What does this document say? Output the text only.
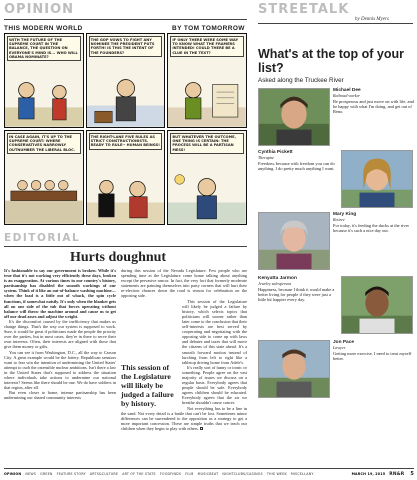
OPINION	STREETALK
by Dennis Myers
THIS MODERN WORLD	BY TOM TOMORROW
WITH THE FUTURE OF THE SUPREME COURT IN THE BALANCE, THE QUESTION ON EVERYONE'S MIND IS... WHO WILL OBAMA NOMINATE?
THE GOP VOWS TO FIGHT ANY NOMINEE THE PRESIDENT PUTS FORTH! IS THIS THE INTENT OF THE FOUNDERS?
IF ONLY THERE WERE SOME WAY TO KNOW WHAT THE FRAMERS INTENDED! COULD THERE BE A CLUE IN THE TEXT?
IN CASE AGAIN, IT'S UP TO THE SUPREME COURT: WHERE CONSERVATIVES NARROWLY OUTNUMBER THE LIBERAL BLOC.
THE RIGHT-LANE FIVE RULES AS STRICT CONSTRUCTIONISTS. READY TO RULE-- HUMAN BEINGS!
BUT WHATEVER THE OUTCOME, ONE THING IS CERTAIN: THE PROCESS WILL BE A PARTISAN MESS!
EDITORIAL
Hurts doughnut

It's fashionable to say our government is broken. While it's true that it's not working very efficiently these days, broken is an exaggeration. At various times in our country's history, partisanship has disabled the smooth workings of our system. Think of it like an out-of-balance washing machine—when the load is a little out of whack, the spin cycle functions, if somewhat noisily. It's only when the blanket gets all on one side of the tub that forces operating without balance will throw the machine around and cause us to get off our dead asses and adjust the weight.

It's the discomfort caused by the inefficiency that makes us change things. That's the way our system is supposed to work. Sure, it would be great if politicians made the people the priority over the parties, but in most cases, they're in there to serve their own interests. Often, their interests are aligned with those that give them money or gifts.

You can see it from Washington, D.C., all the way to Carson City. A great example would be the lottery. Republican senators want to fear win the intention of undermining the United States' attempt to curb the ostensible nuclear ambitions. Isn't there a law in the United States that's supposed to address the situation where individuals take actions to undermine our national interests? Seems like there should be one. We do have soldiers in that region, after all.

But even closer to home, intense partisanship has been undermining our shared community interests

during this session of the Nevada Legislature. Few people who are spending time at the Legislature come home talking about anything except the pervasive rancor. In fact, the very fact that formerly moderate statements are painting themselves into party corners that will hurt their re-election chances down the road is reason for celebration on the opposing side.

This session of the Legislature will likely be judged a failure by history.

This session of the Legislature will likely be judged a failure by history, which selects topics that politicians will sooner rather than later come to the conclusion that their self-interests are best served by cooperating and negotiating with the opposing side to come up with laws and debates and taxes that will move the citizens of this state ahead. It's a smooth forward motion instead of lurching from left to right like a tabletop driving home from Adele's.

It's really sort of funny or ironic or something. People agree on the vast majority of issues we discuss on a regular basis. Everybody agrees that people should be safe. Everybody agrees children should be educated. Everybody agrees that the air we breathe shouldn't cause cancer.

Not everything has to be a line in the sand. Not every detail is a battle that can't be lost. Sometimes minor differences can be surrendered to the opposition as a strategy to get a more important concession. These are simple truths that we teach our children when they begin to play with others.

What's at the top of your list?
Asked along the Truckee River
Michael Dee
Railroad worker
Be prosperous and just move on with life, and be happy with what I'm doing, and get out of Reno.
Cynthia Pickett
Therapist
Freedom, because with freedom you can do anything. I do pretty much anything I want.
Mary King
Retiree
For today, it's feeding the ducks at the river because it's such a nice day out.
Kenyatta Jarmon
Jewelry salesperson
Happiness, because I think it would make a better living for people if they were just a little bit happier every day.
Jon Pace
Lawyer
Getting more exercise. I need to treat myself better.
OPINION NEWS GREEN FEATURE STORY ARTS&CULTURE ART OF THE STATE FOODFINDS FILM MUSICBEAT NIGHTCLUBS/CASINOS THIS WEEK MISCELLANY	MARCH 19, 2015 RN&R 5
